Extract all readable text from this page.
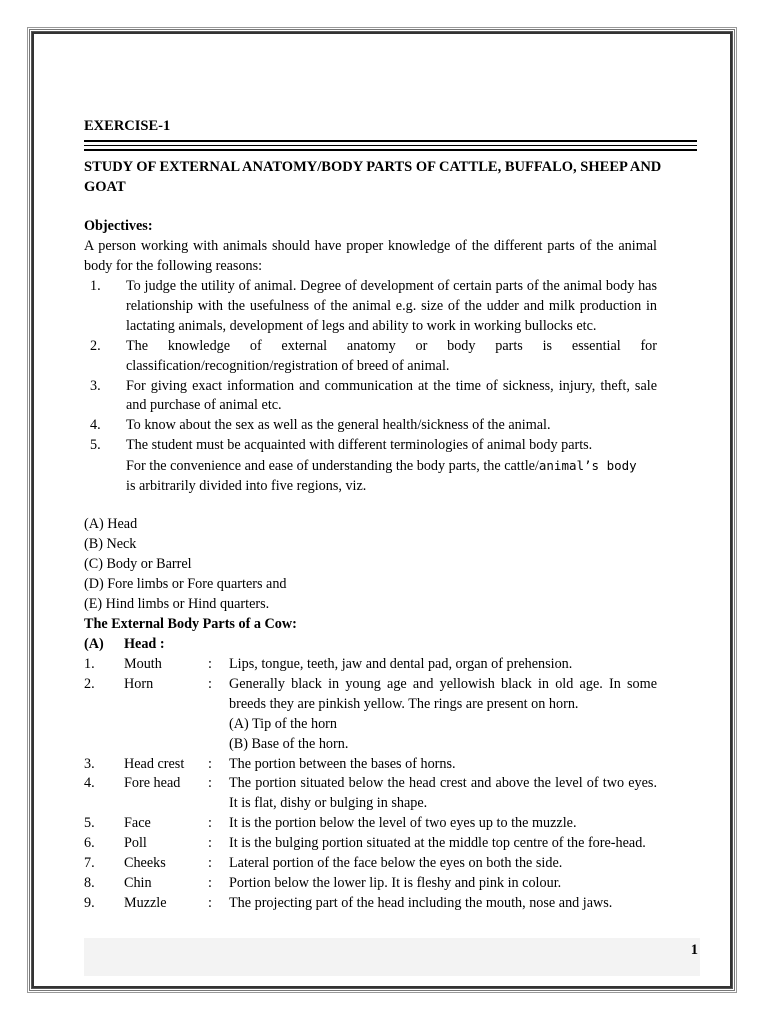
EXERCISE-1
STUDY OF EXTERNAL ANATOMY/BODY PARTS OF CATTLE, BUFFALO, SHEEP AND GOAT
Objectives:
A person working with animals should have proper knowledge of the different parts of the animal body for the following reasons:
1. To judge the utility of animal. Degree of development of certain parts of the animal body has relationship with the usefulness of the animal e.g. size of the udder and milk production in lactating animals, development of legs and ability to work in working bullocks etc.
2. The knowledge of external anatomy or body parts is essential for classification/recognition/registration of breed of animal.
3. For giving exact information and communication at the time of sickness, injury, theft, sale and purchase of animal etc.
4. To know about the sex as well as the general health/sickness of the animal.
5. The student must be acquainted with different terminologies of animal body parts.
For the convenience and ease of understanding the body parts, the cattle/animal’s body
is arbitrarily divided into five regions, viz.
(A) Head
(B) Neck
(C) Body or Barrel
(D) Fore limbs or Fore quarters and
(E) Hind limbs or Hind quarters.
The External Body Parts of a Cow:
(A) Head :
1. Mouth	: Lips, tongue, teeth, jaw and dental pad, organ of prehension.
2. Horn	: Generally black in young age and yellowish black in old age. In some breeds they are pinkish yellow. The rings are present on horn.
(A) Tip of the horn
(B) Base of the horn.
3. Head crest : The portion between the bases of horns.
4. Fore head : The portion situated below the head crest and above the level of two eyes. It is flat, dishy or bulging in shape.
5. Face	: It is the portion below the level of two eyes up to the muzzle.
6. Poll	: It is the bulging portion situated at the middle top centre of the fore-head.
7. Cheeks	: Lateral portion of the face below the eyes on both the side.
8. Chin	: Portion below the lower lip. It is fleshy and pink in colour.
9. Muzzle	: The projecting part of the head including the mouth, nose and jaws.
1
